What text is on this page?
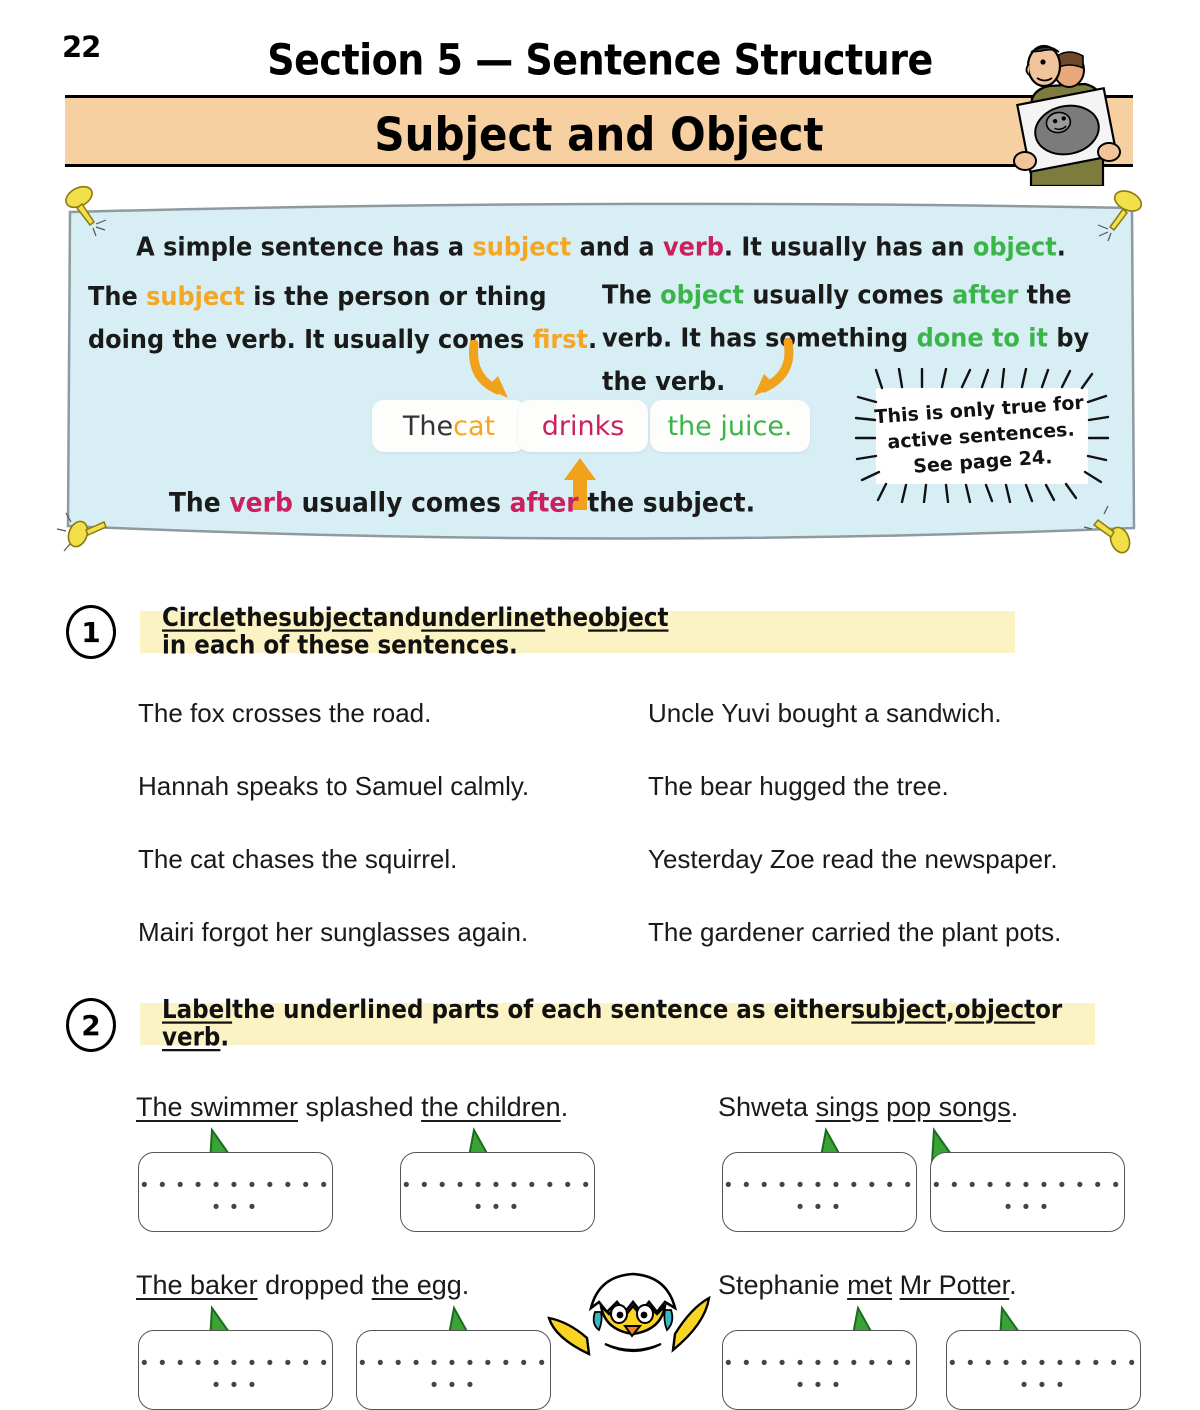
22	Section 5 — Sentence Structure
Subject and Object
A simple sentence has a subject and a verb. It usually has an object.
The subject is the person or thing doing the verb. It usually comes first.
The object usually comes after the verb. It has something done to it by the verb.
The cat drinks the juice.
The verb usually comes after the subject.
This is only true for
active sentences.
See page 24.
1	Circlethesubjectandunderlinetheobjectin each of these sentences.
The fox crosses the road.
Hannah speaks to Samuel calmly.
The cat chases the squirrel.
Mairi forgot her sunglasses again.
Uncle Yuvi bought a sandwich.
The bear hugged the tree.
Yesterday Zoe read the newspaper.
The gardener carried the plant pots.
2	Labelthe underlined parts of each sentence as eithersubject,objectorverb.
The swimmer splashed the children.
• • • • • • • • • • • • • •
• • • • • • • • • • • • • •
Shweta sings pop songs.
• • • • • • • • • • • • • •
• • • • • • • • • • • • • •
The baker dropped the egg.
• • • • • • • • • • • • • •
• • • • • • • • • • • • • •
Stephanie met Mr Potter.
• • • • • • • • • • • • • •
• • • • • • • • • • • • • •
